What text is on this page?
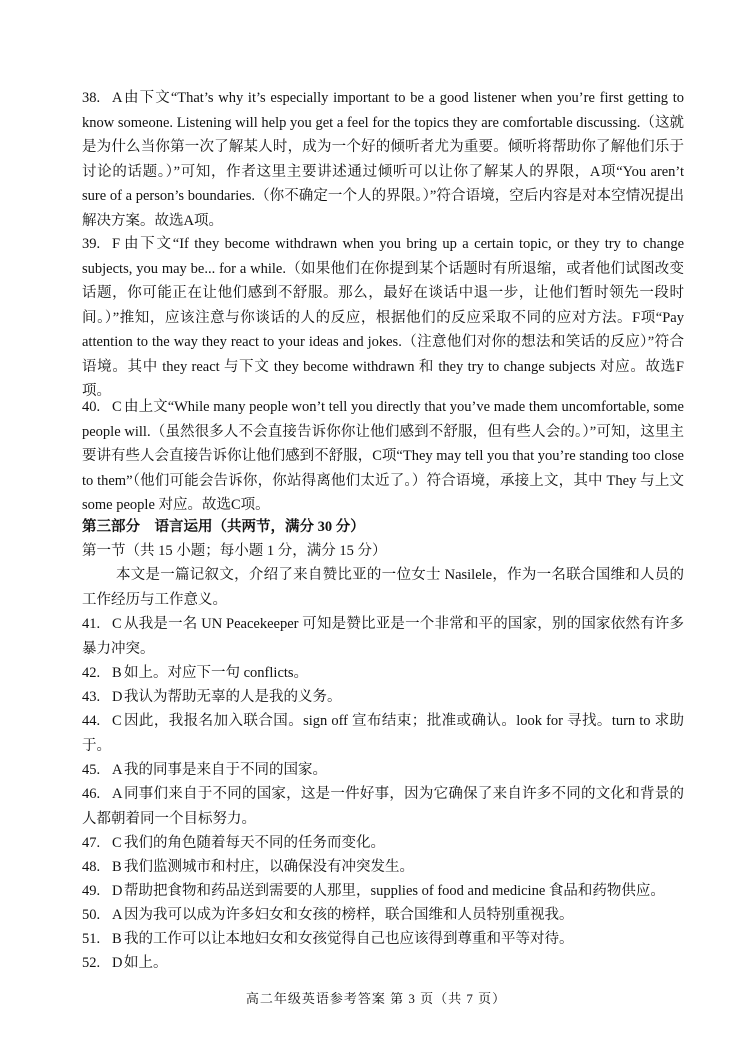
38. A 由下文“That’s why it’s especially important to be a good listener when you’re first getting to know someone. Listening will help you get a feel for the topics they are comfortable discussing.（这就是为什么当你第一次了解某人时，成为一个好的倾听者尤为重要。倾听将帮助你了解他们乐于讨论的话题。）”可知，作者这里主要讲述通过倾听可以让你了解某人的界限，A项“You aren’t sure of a person’s boundaries.（你不确定一个人的界限。）”符合语境，空后内容是对本空情况提出解决方案。故选A项。
39. F 由下文“If they become withdrawn when you bring up a certain topic, or they try to change subjects, you may be... for a while.（如果他们在你提到某个话题时有所退缩，或者他们试图改变话题，你可能正在让他们感到不舒服。那么，最好在谈话中退一步，让他们暂时领先一段时间。）”推知，应该注意与你谈话的人的反应，根据他们的反应采取不同的应对方法。F项“Pay attention to the way they react to your ideas and jokes.（注意他们对你的想法和笑话的反应）”符合语境。其中 they react 与下文 they become withdrawn 和 they try to change subjects 对应。故选F项。
40. C 由上文“While many people won’t tell you directly that you’ve made them uncomfortable, some people will.（虽然很多人不会直接告诉你你让他们感到不舒服，但有些人会的。）”可知，这里主要讲有些人会直接告诉你让他们感到不舒服，C项“They may tell you that you’re standing too close to them”（他们可能会告诉你，你站得离他们太近了。）符合语境，承接上文，其中 They 与上文 some people 对应。故选C项。
第三部分　语言运用（共两节，满分 30 分）
第一节（共 15 小题；每小题 1 分，满分 15 分）
本文是一篇记叙文，介绍了来自赞比亚的一位女士 Nasilele，作为一名联合国维和人员的工作经历与工作意义。
41. C 从我是一名 UN Peacekeeper 可知是赞比亚是一个非常和平的国家，别的国家依然有许多暴力冲突。
42. B 如上。对应下一句 conflicts。
43. D 我认为帮助无辜的人是我的义务。
44. C 因此，我报名加入联合国。sign off 宣布结束；批准或确认。look for 寻找。turn to 求助于。
45. A 我的同事是来自于不同的国家。
46. A 同事们来自于不同的国家，这是一件好事，因为它确保了来自许多不同的文化和背景的人都朝着同一个目标努力。
47. C 我们的角色随着每天不同的任务而变化。
48. B 我们监测城市和村庄，以确保没有冲突发生。
49. D 帮助把食物和药品送到需要的人那里，supplies of food and medicine 食品和药物供应。
50. A 因为我可以成为许多妇女和女孩的榜样，联合国维和人员特别重视我。
51. B 我的工作可以让本地妇女和女孩觉得自己也应该得到尊重和平等对待。
52. D 如上。
高二年级英语参考答案 第 3 页（共 7 页）
